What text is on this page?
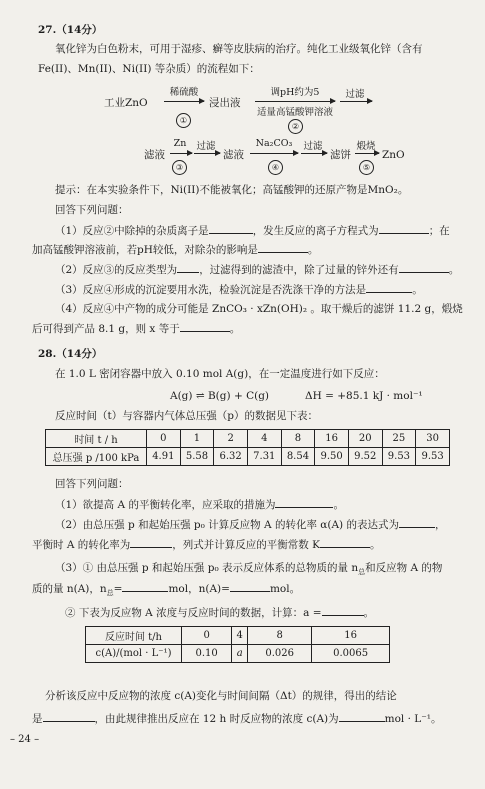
27.（14分）
氧化锌为白色粉末，可用于湿疹、癣等皮肤病的治疗。纯化工业级氧化锌（含有
Fe(II)、Mn(II)、Ni(II) 等杂质）的流程如下：
工业ZnO
稀硫酸
①
浸出液
调pH约为5
适量高锰酸钾溶液
②
过滤
滤液
Zn
③
过滤
滤液
Na₂CO₃
④
过滤
滤饼
煅烧
⑤
ZnO
提示：在本实验条件下，Ni(II)不能被氧化；高锰酸钾的还原产物是MnO₂。
回答下列问题：
（1）反应②中除掉的杂质离子是	，发生反应的离子方程式为	；在
加高锰酸钾溶液前，若pH较低，对除杂的影响是	。
（2）反应③的反应类型为 ，过滤得到的滤渣中，除了过量的锌外还有	。
（3）反应④形成的沉淀要用水洗，检验沉淀是否洗涤干净的方法是	。
（4）反应④中产物的成分可能是 ZnCO₃ · xZn(OH)₂ 。取干燥后的滤饼 11.2 g，煅烧
后可得到产品 8.1 g，则 x 等于	。
28.（14分）
在 1.0 L 密闭容器中放入 0.10 mol A(g)，在一定温度进行如下反应：
A(g) ⇌ B(g) + C(g)	ΔH = +85.1 kJ · mol⁻¹
反应时间（t）与容器内气体总压强（p）的数据见下表：
时间 t / h	0	1	2	4	8	16	20	25	30
总压强 p /100 kPa	4.91	5.58	6.32	7.31	8.54	9.50	9.52	9.53	9.53
回答下列问题：
（1）欲提高 A 的平衡转化率，应采取的措施为	。
（2）由总压强 p 和起始压强 p₀ 计算反应物 A 的转化率 α(A) 的表达式为	，
平衡时 A 的转化率为	，列式并计算反应的平衡常数 K	。
（3）① 由总压强 p 和起始压强 p₀ 表示反应体系的总物质的量 $n_总$和反应物 A 的物
质的量 n(A)，$n_总=$	mol，n(A)=	mol。
② 下表为反应物 A 浓度与反应时间的数据，计算：a =	。
反应时间 t/h	0	4	8	16
c(A)/(mol · L⁻¹)	0.10	a	0.026	0.0065
分析该反应中反应物的浓度 c(A)变化与时间间隔（Δt）的规律，得出的结论
是	，由此规律推出反应在 12 h 时反应物的浓度 c(A)为	mol · L⁻¹。
– 24 –
